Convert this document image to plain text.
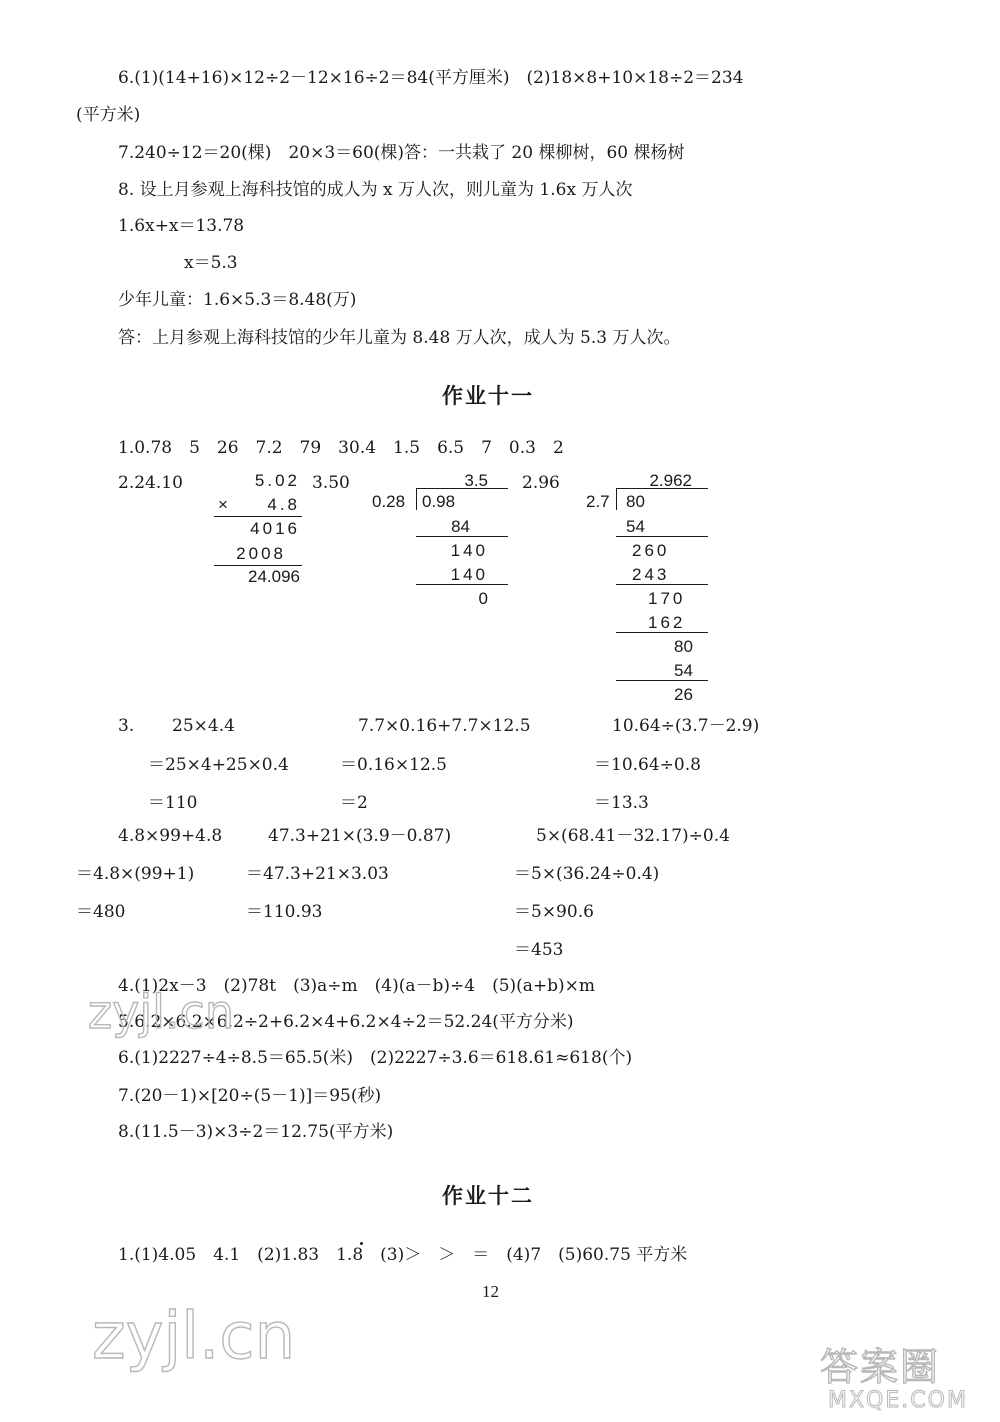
6.(1)(14+16)×12÷2－12×16÷2＝84(平方厘米)　(2)18×8+10×18÷2＝234
(平方米)
7.240÷12＝20(棵)　20×3＝60(棵)答：一共栽了 20 棵柳树，60 棵杨树
8. 设上月参观上海科技馆的成人为 x 万人次，则儿童为 1.6x 万人次
1.6x+x＝13.78
x＝5.3
少年儿童：1.6×5.3＝8.48(万)
答：上月参观上海科技馆的少年儿童为 8.48 万人次，成人为 5.3 万人次。
作业十一
1.0.78　5　26　7.2　79　30.4　1.5　6.5　7　0.3　2
2.24.10	3.50	2.96
5.02
× 4.8
4016
2008
24.096
3.5
0.28 0.98
84
140
140
0
2.962
2.7 80
54
260
243
170
162
80
54
26
3. 25×4.4
＝25×4+25×0.4
＝110
7.7×0.16+7.7×12.5
＝0.16×12.5
＝2
10.64÷(3.7－2.9)
＝10.64÷0.8
＝13.3
4.8×99+4.8
＝4.8×(99+1)
＝480
47.3+21×(3.9－0.87)
＝47.3+21×3.03
＝110.93
5×(68.41－32.17)÷0.4
＝5×(36.24÷0.4)
＝5×90.6
＝453
4.(1)2x－3　(2)78t　(3)a÷m　(4)(a－b)÷4　(5)(a+b)×m
5.6.2×6.2×6.2÷2+6.2×4+6.2×4÷2＝52.24(平方分米)
6.(1)2227÷4÷8.5＝65.5(米)　(2)2227÷3.6＝618.61≈618(个)
7.(20－1)×[20÷(5－1)]＝95(秒)
8.(11.5－3)×3÷2＝12.75(平方米)
作业十二
1.(1)4.05　4.1　(2)1.83　1.8　(3)＞　＞　＝　(4)7　(5)60.75 平方米
12
zyjl.cn
zyjl.cn	答案圈
MXQE.COM
